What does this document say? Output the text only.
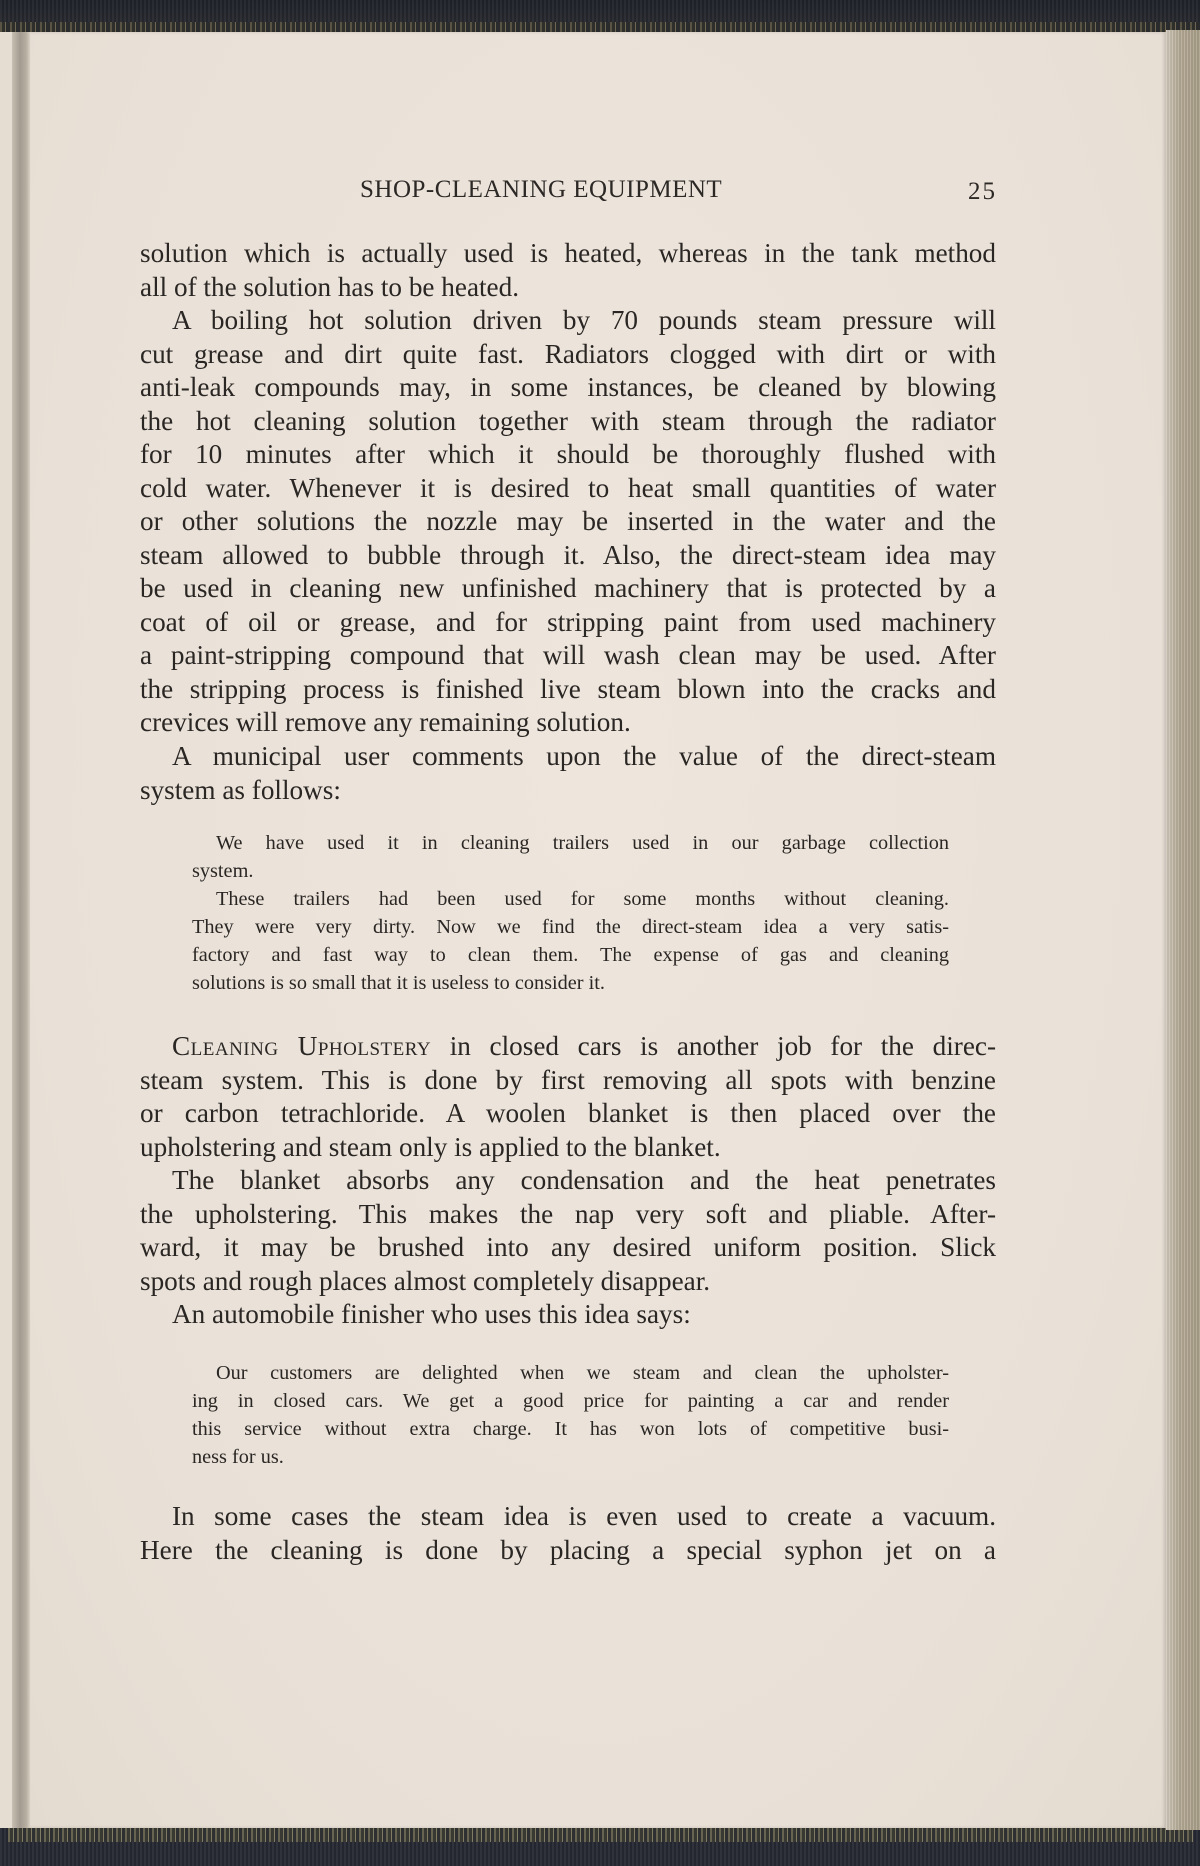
SHOP-CLEANING EQUIPMENT	25
solution which is actually used is heated, whereas in the tank method
all of the solution has to be heated.
A boiling hot solution driven by 70 pounds steam pressure will
cut grease and dirt quite fast. Radiators clogged with dirt or with
anti-leak compounds may, in some instances, be cleaned by blowing
the hot cleaning solution together with steam through the radiator
for 10 minutes after which it should be thoroughly flushed with
cold water. Whenever it is desired to heat small quantities of water
or other solutions the nozzle may be inserted in the water and the
steam allowed to bubble through it. Also, the direct-steam idea may
be used in cleaning new unfinished machinery that is protected by a
coat of oil or grease, and for stripping paint from used machinery
a paint-stripping compound that will wash clean may be used. After
the stripping process is finished live steam blown into the cracks and
crevices will remove any remaining solution.
A municipal user comments upon the value of the direct-steam
system as follows:
We have used it in cleaning trailers used in our garbage collection
system.
These trailers had been used for some months without cleaning.
They were very dirty. Now we find the direct-steam idea a very satis-
factory and fast way to clean them. The expense of gas and cleaning
solutions is so small that it is useless to consider it.
Cleaning Upholstery in closed cars is another job for the direc-
steam system. This is done by first removing all spots with benzine
or carbon tetrachloride. A woolen blanket is then placed over the
upholstering and steam only is applied to the blanket.
The blanket absorbs any condensation and the heat penetrates
the upholstering. This makes the nap very soft and pliable. After-
ward, it may be brushed into any desired uniform position. Slick
spots and rough places almost completely disappear.
An automobile finisher who uses this idea says:
Our customers are delighted when we steam and clean the upholster-
ing in closed cars. We get a good price for painting a car and render
this service without extra charge. It has won lots of competitive busi-
ness for us.
In some cases the steam idea is even used to create a vacuum.
Here the cleaning is done by placing a special syphon jet on a
